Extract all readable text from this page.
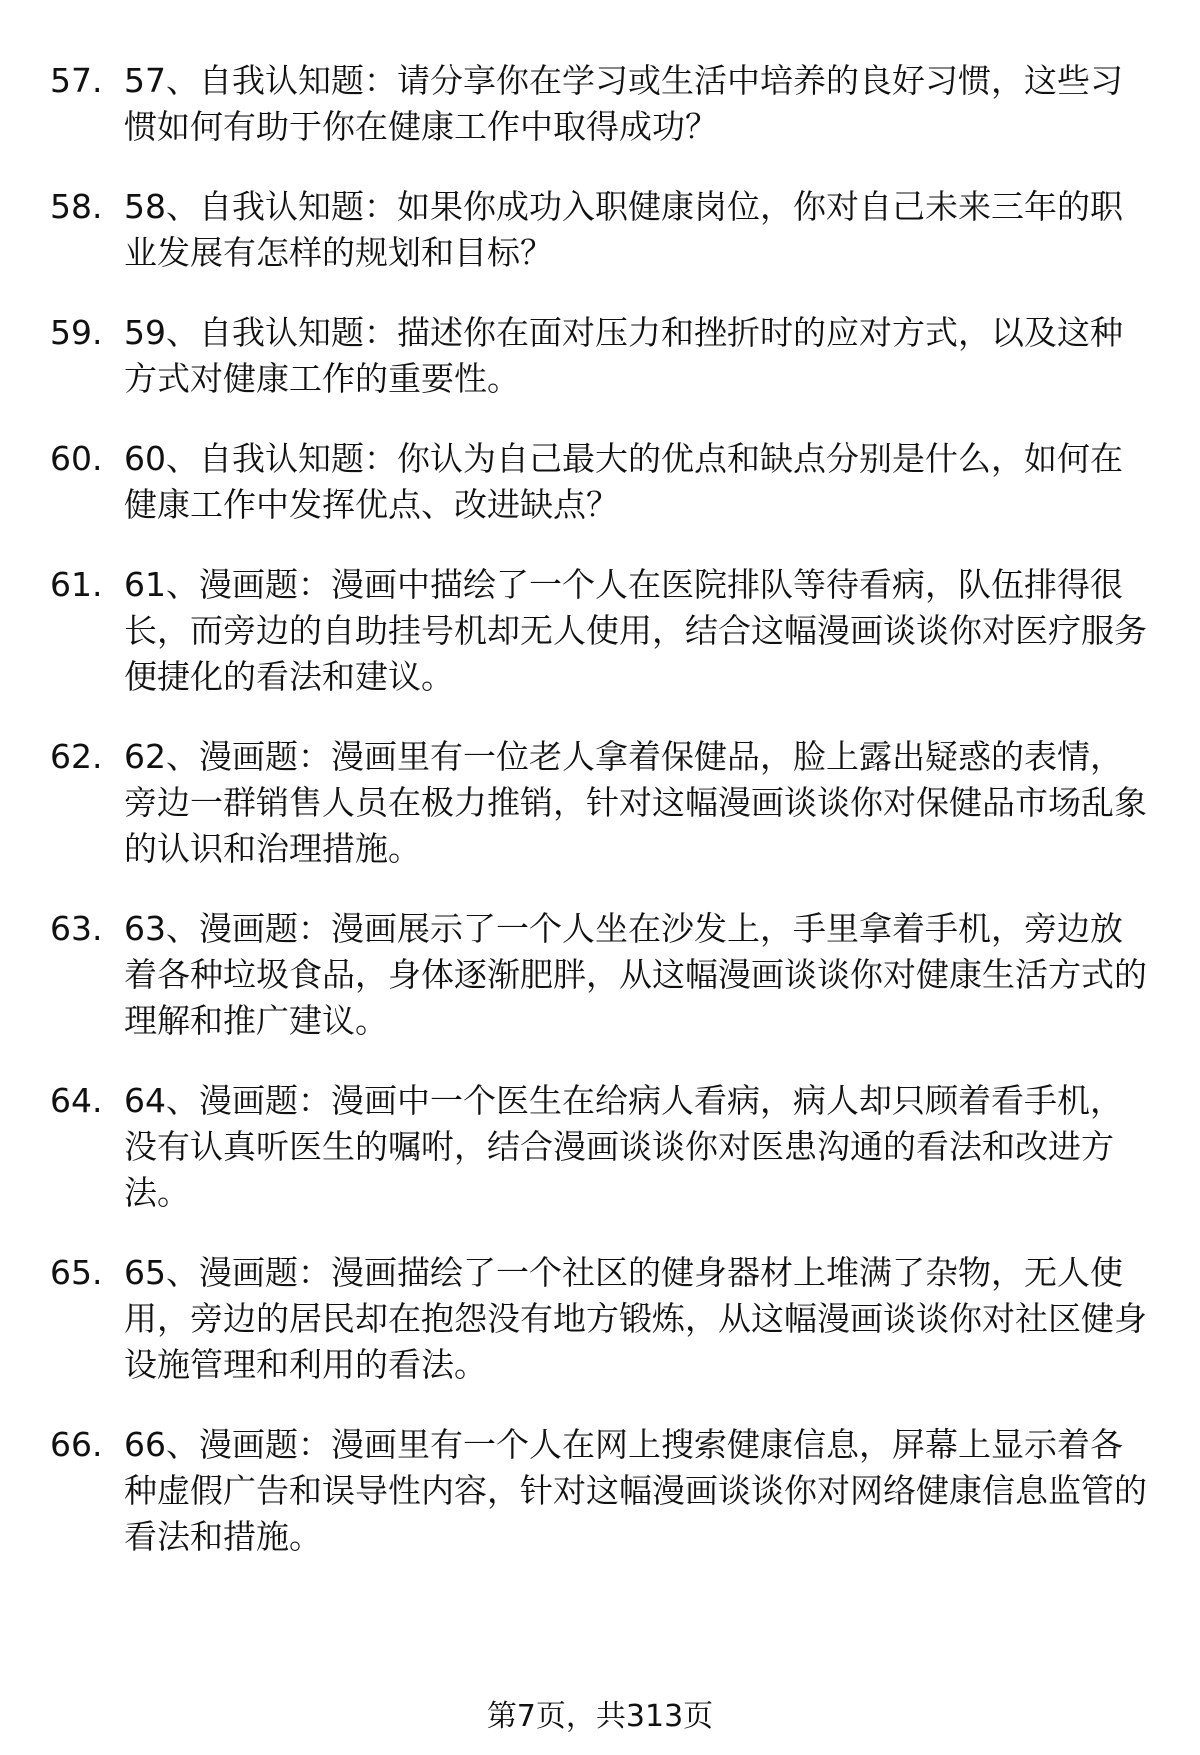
57. 57、自我认知题：请分享你在学习或生活中培养的良好习惯，这些习惯如何有助于你在健康工作中取得成功？
58. 58、自我认知题：如果你成功入职健康岗位，你对自己未来三年的职业发展有怎样的规划和目标？
59. 59、自我认知题：描述你在面对压力和挫折时的应对方式，以及这种方式对健康工作的重要性。
60. 60、自我认知题：你认为自己最大的优点和缺点分别是什么，如何在健康工作中发挥优点、改进缺点？
61. 61、漫画题：漫画中描绘了一个人在医院排队等待看病，队伍排得很长，而旁边的自助挂号机却无人使用，结合这幅漫画谈谈你对医疗服务便捷化的看法和建议。
62. 62、漫画题：漫画里有一位老人拿着保健品，脸上露出疑惑的表情，旁边一群销售人员在极力推销，针对这幅漫画谈谈你对保健品市场乱象的认识和治理措施。
63. 63、漫画题：漫画展示了一个人坐在沙发上，手里拿着手机，旁边放着各种垃圾食品，身体逐渐肥胖，从这幅漫画谈谈你对健康生活方式的理解和推广建议。
64. 64、漫画题：漫画中一个医生在给病人看病，病人却只顾着看手机，没有认真听医生的嘱咐，结合漫画谈谈你对医患沟通的看法和改进方法。
65. 65、漫画题：漫画描绘了一个社区的健身器材上堆满了杂物，无人使用，旁边的居民却在抱怨没有地方锻炼，从这幅漫画谈谈你对社区健身设施管理和利用的看法。
66. 66、漫画题：漫画里有一个人在网上搜索健康信息，屏幕上显示着各种虚假广告和误导性内容，针对这幅漫画谈谈你对网络健康信息监管的看法和措施。
第7页，共313页
